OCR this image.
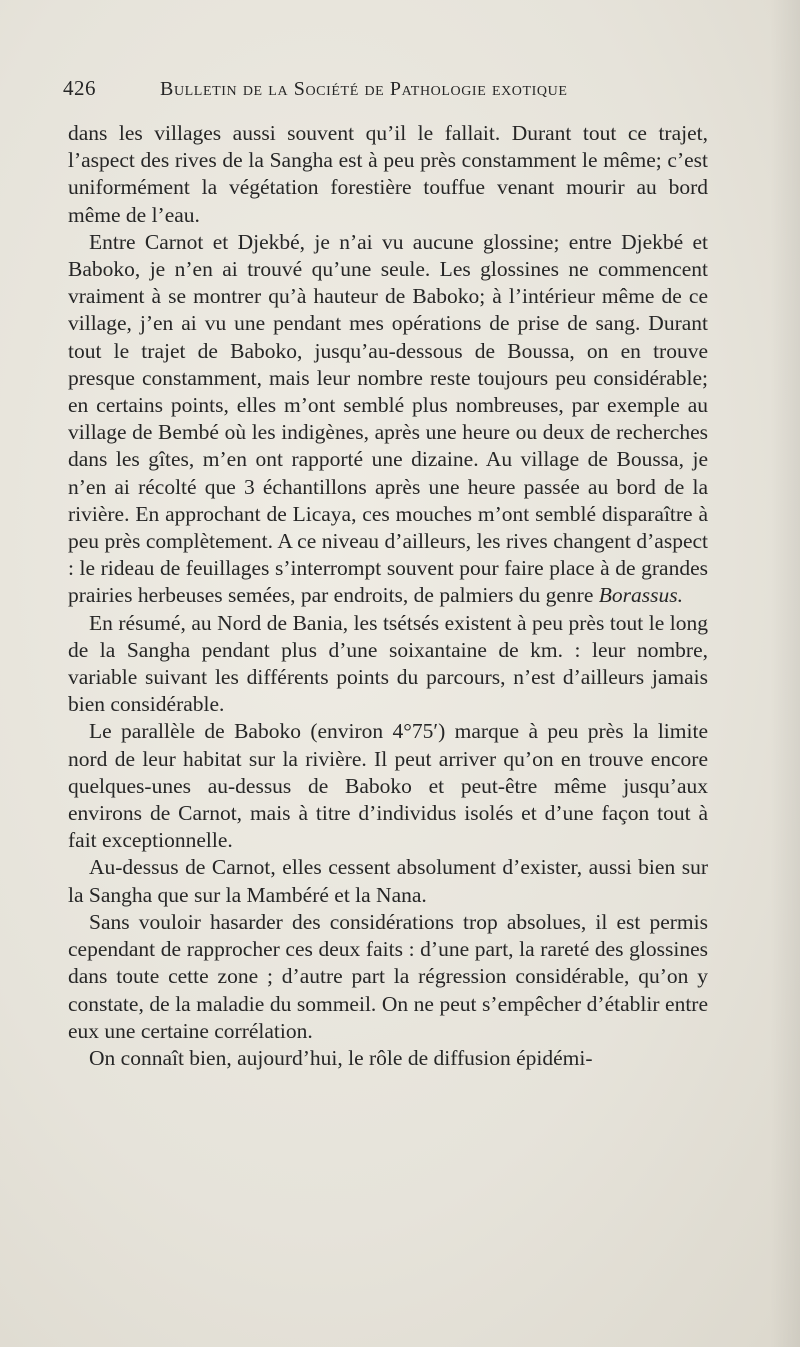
426	Bulletin de la Société de Pathologie exotique

dans les villages aussi souvent qu’il le fallait. Durant tout ce trajet, l’aspect des rives de la Sangha est à peu près constamment le même; c’est uniformément la végétation forestière touffue venant mourir au bord même de l’eau.

Entre Carnot et Djekbé, je n’ai vu aucune glossine; entre Djekbé et Baboko, je n’en ai trouvé qu’une seule. Les glossines ne commencent vraiment à se montrer qu’à hauteur de Baboko; à l’intérieur même de ce village, j’en ai vu une pendant mes opérations de prise de sang. Durant tout le trajet de Baboko, jusqu’au-dessous de Boussa, on en trouve presque constamment, mais leur nombre reste toujours peu considérable; en certains points, elles m’ont semblé plus nombreuses, par exemple au village de Bembé où les indigènes, après une heure ou deux de recherches dans les gîtes, m’en ont rapporté une dizaine. Au village de Boussa, je n’en ai récolté que 3 échantillons après une heure passée au bord de la rivière. En approchant de Licaya, ces mouches m’ont semblé disparaître à peu près complètement. A ce niveau d’ailleurs, les rives changent d’aspect : le rideau de feuillages s’interrompt souvent pour faire place à de grandes prairies herbeuses semées, par endroits, de palmiers du genre Borassus.

En résumé, au Nord de Bania, les tsétsés existent à peu près tout le long de la Sangha pendant plus d’une soixantaine de km. : leur nombre, variable suivant les différents points du parcours, n’est d’ailleurs jamais bien considérable.

Le parallèle de Baboko (environ 4°75′) marque à peu près la limite nord de leur habitat sur la rivière. Il peut arriver qu’on en trouve encore quelques-unes au-dessus de Baboko et peut-être même jusqu’aux environs de Carnot, mais à titre d’individus isolés et d’une façon tout à fait exceptionnelle.

Au-dessus de Carnot, elles cessent absolument d’exister, aussi bien sur la Sangha que sur la Mambéré et la Nana.

Sans vouloir hasarder des considérations trop absolues, il est permis cependant de rapprocher ces deux faits : d’une part, la rareté des glossines dans toute cette zone ; d’autre part la régression considérable, qu’on y constate, de la maladie du sommeil. On ne peut s’empêcher d’établir entre eux une certaine corrélation.

On connaît bien, aujourd’hui, le rôle de diffusion épidémi-
